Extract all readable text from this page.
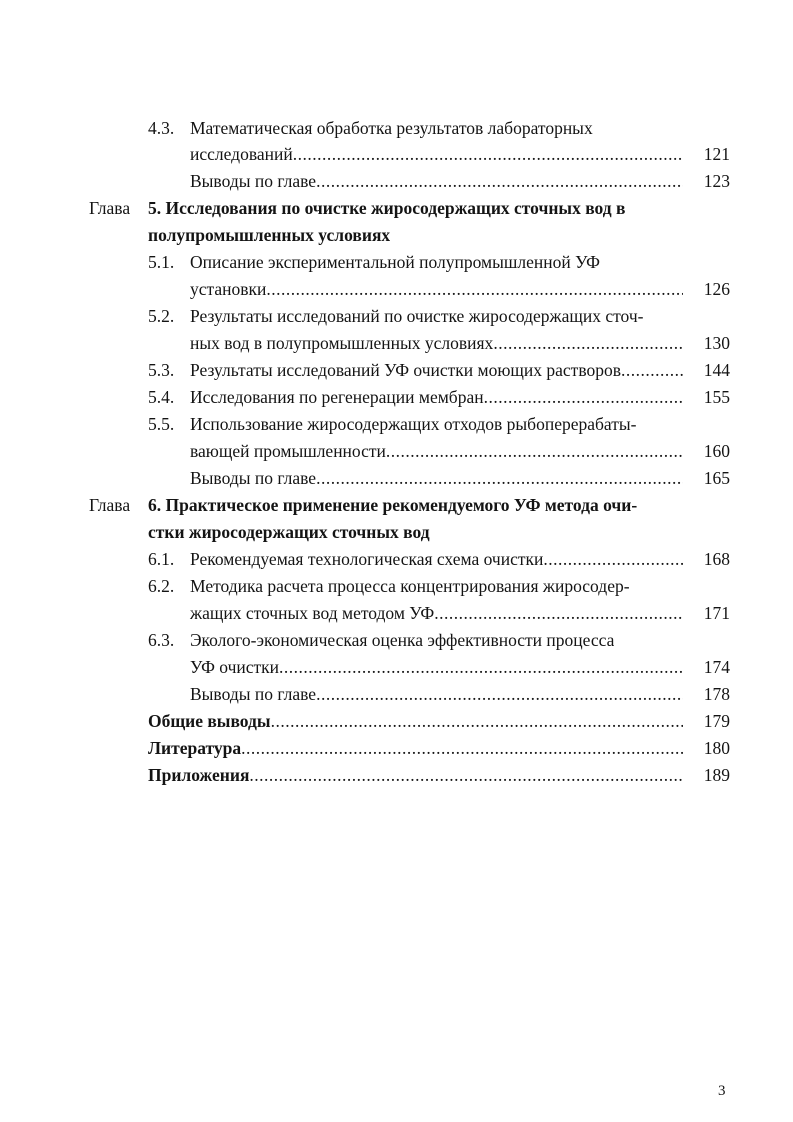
4.3. Математическая обработка результатов лабораторных
исследований .....	121
Выводы по главе .....	123
Глава 5. Исследования по очистке жиросодержащих сточных вод в
полупромышленных условиях
5.1. Описание экспериментальной полупромышленной УФ
установки .....	126
5.2. Результаты исследований по очистке жиросодержащих сточ-
ных вод в полупромышленных условиях .....	130
5.3. Результаты исследований УФ очистки моющих растворов .....	144
5.4. Исследования по регенерации мембран .....	155
5.5. Использование жиросодержащих отходов рыбоперерабаты-
вающей промышленности .....	160
Выводы по главе .....	165
Глава 6. Практическое применение рекомендуемого УФ метода очи-
стки жиросодержащих сточных вод
6.1. Рекомендуемая технологическая схема очистки .....	168
6.2. Методика расчета процесса концентрирования жиросодер-
жащих сточных вод методом УФ .....	171
6.3. Эколого-экономическая оценка эффективности процесса
УФ очистки .....	174
Выводы по главе .....	178
Общие выводы .....	179
Литература .....	180
Приложения .....	189
3
